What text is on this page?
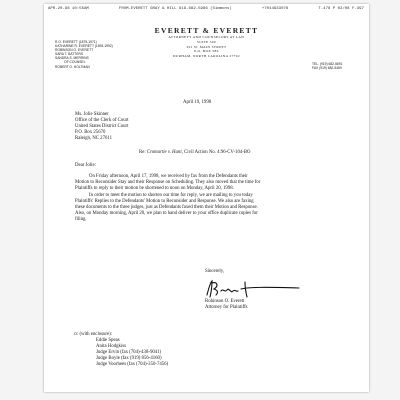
APR-20-98 10:55AM	FROM-EVERETT GRAY & HILL 919-682-5986 (Simmons)	+7044933076	T-478 P 02/08 F-397
EVERETT & EVERETT
ATTORNEYS AND COUNSELORS AT LAW
SUITE 300
301 W. MAIN STREET
P.O. BOX 586
DURHAM, NORTH CAROLINA 27702
R.O. EVERETT (1879-1971)
KATHARINE R. EVERETT (1893-1992)
ROBINSON O. EVERETT
SARA T. BATTERS
SANDRA S. MERRINS
OF COUNSEL
ROBERT O. HOLTMAN
TEL. (919) 682-5691
FAX (919) 682-5469
April 19, 1998
Ms. Jolie Skinner
Office of the Clerk of Court
United States District Court
P.O. Box 25670
Raleigh, NC 27611
Re: Cromartie v. Hunt, Civil Action No. 4:96-CV-104-BO
Dear Jolie:
On Friday afternoon, April 17, 1998, we received by fax from the Defendants their
Motion to Reconsider Stay and their Response on Scheduling. They also moved that the time for
Plaintiffs to reply to their motion be shortened to noon on Monday, April 20, 1998.
In order to meet the motion to shorten our time for reply, we are mailing to you today
Plaintiffs' Replies to the Defendants' Motion to Reconsider and Response. We also are faxing
these documents to the three judges, just as Defendants faxed them their Motion and Response.
Also, on Monday morning, April 20, we plan to hand deliver to your office duplicate copies for
filing.
Sincerely,
Robinson O. Everett
Attorney for Plaintiffs
cc (with enclosure):
Eddie Speas
Anita Hodgkiss
Judge Ervin (fax (704)-438-9041)
Judge Boyle (fax (919) 856-4160)
Judge Voorhees (fax (704)-350-7456)
